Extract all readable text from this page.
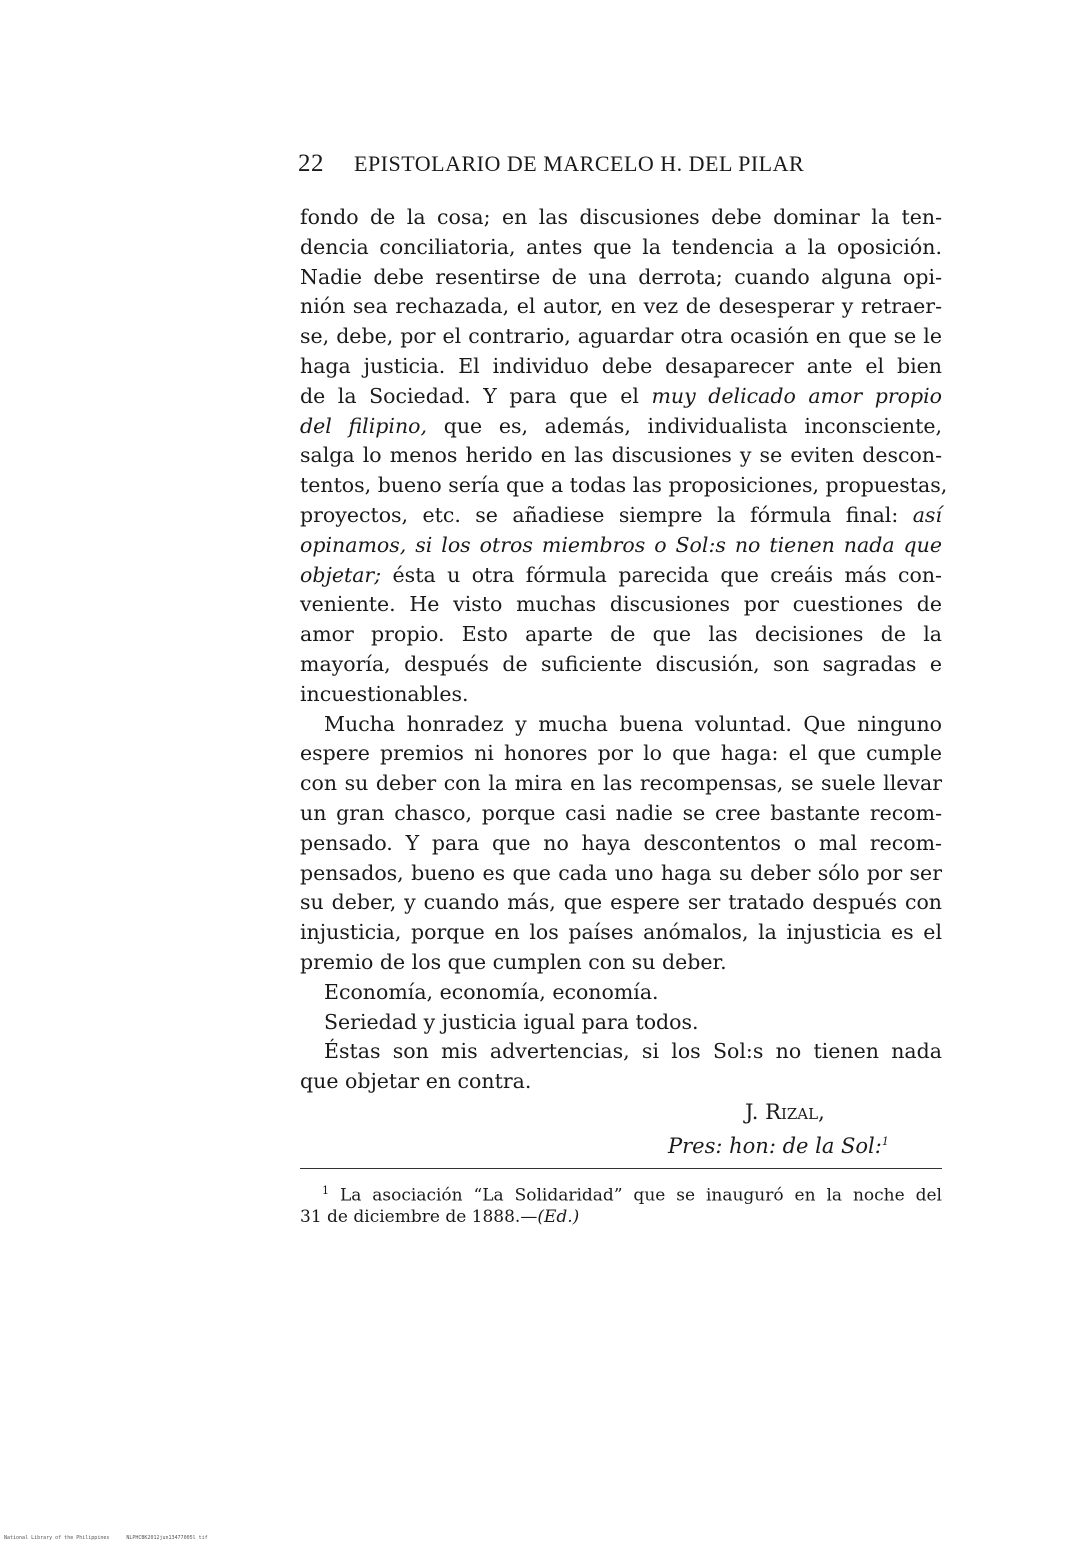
22 EPISTOLARIO DE MARCELO H. DEL PILAR
fondo de la cosa; en las discusiones debe dominar la ten-
dencia conciliatoria, antes que la tendencia a la oposición.
Nadie debe resentirse de una derrota; cuando alguna opi-
nión sea rechazada, el autor, en vez de desesperar y retraer-
se, debe, por el contrario, aguardar otra ocasión en que se le
haga justicia. El individuo debe desaparecer ante el bien
de la Sociedad. Y para que el muy delicado amor propio
del filipino, que es, además, individualista inconsciente,
salga lo menos herido en las discusiones y se eviten descon-
tentos, bueno sería que a todas las proposiciones, propuestas,
proyectos, etc. se añadiese siempre la fórmula final: así
opinamos, si los otros miembros o Sol:s no tienen nada que
objetar; ésta u otra fórmula parecida que creáis más con-
veniente. He visto muchas discusiones por cuestiones de
amor propio. Esto aparte de que las decisiones de la
mayoría, después de suficiente discusión, son sagradas e
incuestionables.
Mucha honradez y mucha buena voluntad. Que ninguno
espere premios ni honores por lo que haga: el que cumple
con su deber con la mira en las recompensas, se suele llevar
un gran chasco, porque casi nadie se cree bastante recom-
pensado. Y para que no haya descontentos o mal recom-
pensados, bueno es que cada uno haga su deber sólo por ser
su deber, y cuando más, que espere ser tratado después con
injusticia, porque en los países anómalos, la injusticia es el
premio de los que cumplen con su deber.
Economía, economía, economía.
Seriedad y justicia igual para todos.
Éstas son mis advertencias, si los Sol:s no tienen nada
que objetar en contra.
J. Rizal,
Pres: hon: de la Sol:$^1$
$^1$ La asociación “La Solidaridad” que se inauguró en la noche del
31 de diciembre de 1888.—(Ed.)
National Library of the Philippines	NLPHCBK2012jun13477005l tif
